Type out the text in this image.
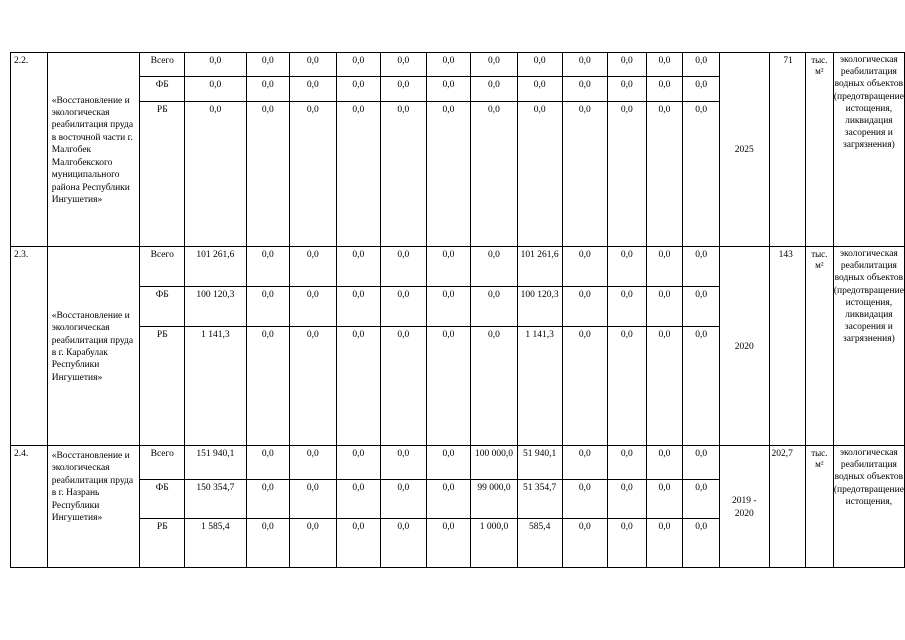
2.2.	«Восстановление и экологическая реабилитация пруда в восточной части г. Малгобек Малгобекского муниципального района Республики Ингушетия»	Всего	0,0	0,0	0,0	0,0	0,0	0,0	0,0	0,0	0,0	0,0	0,0	0,0	2025	71	тыс. м²	экологическая реабилитация водных объектов (предотвращение истощения, ликвидация засорения и загрязнения)
		ФБ	0,0	0,0	0,0	0,0	0,0	0,0	0,0	0,0	0,0	0,0	0,0	0,0				
		РБ	0,0	0,0	0,0	0,0	0,0	0,0	0,0	0,0	0,0	0,0	0,0	0,0				
2.3.	«Восстановление и экологическая реабилитация пруда в г. Карабулак Республики Ингушетия»	Всего	101 261,6	0,0	0,0	0,0	0,0	0,0	0,0	101 261,6	0,0	0,0	0,0	0,0	2020	143	тыс. м²	экологическая реабилитация водных объектов (предотвращение истощения, ликвидация засорения и загрязнения)
		ФБ	100 120,3	0,0	0,0	0,0	0,0	0,0	0,0	100 120,3	0,0	0,0	0,0	0,0				
		РБ	1 141,3	0,0	0,0	0,0	0,0	0,0	0,0	1 141,3	0,0	0,0	0,0	0,0				
2.4.	«Восстановление и экологическая реабилитация пруда в г. Назрань Республики Ингушетия»	Всего	151 940,1	0,0	0,0	0,0	0,0	0,0	100 000,0	51 940,1	0,0	0,0	0,0	0,0	2019 - 2020	202,7	тыс. м²	экологическая реабилитация водных объектов (предотвращение истощения,
		ФБ	150 354,7	0,0	0,0	0,0	0,0	0,0	99 000,0	51 354,7	0,0	0,0	0,0	0,0				
		РБ	1 585,4	0,0	0,0	0,0	0,0	0,0	1 000,0	585,4	0,0	0,0	0,0	0,0				
